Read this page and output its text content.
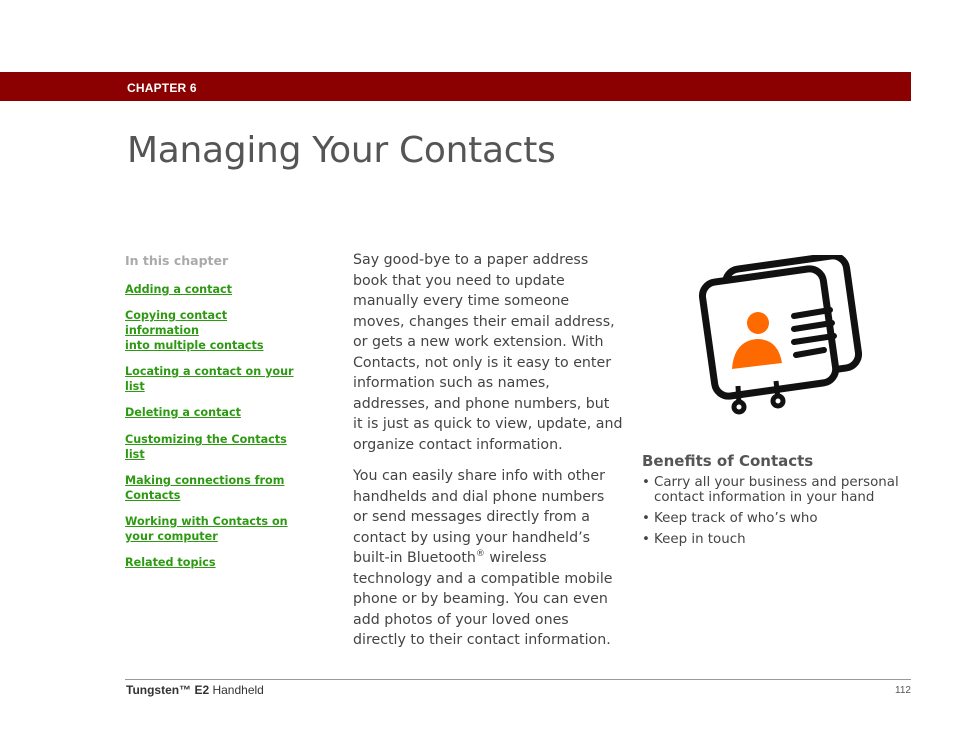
CHAPTER 6
Managing Your Contacts
In this chapter
Adding a contact
Copying contact information
into multiple contacts
Locating a contact on your
list
Deleting a contact
Customizing the Contacts
list
Making connections from
Contacts
Working with Contacts on
your computer
Related topics

Say good-bye to a paper address book that you need to update manually every time someone moves, changes their email address, or gets a new work extension. With Contacts, not only is it easy to enter information such as names, addresses, and phone numbers, but it is just as quick to view, update, and organize contact information.

You can easily share info with other handhelds and dial phone numbers or send messages directly from a contact by using your handheld’s built-in Bluetooth® wireless technology and a compatible mobile phone or by beaming. You can even add photos of your loved ones directly to their contact information.

Benefits of Contacts
• Carry all your business and personal contact information in your hand
• Keep track of who’s who
• Keep in touch
Tungsten™ E2 Handheld	112
